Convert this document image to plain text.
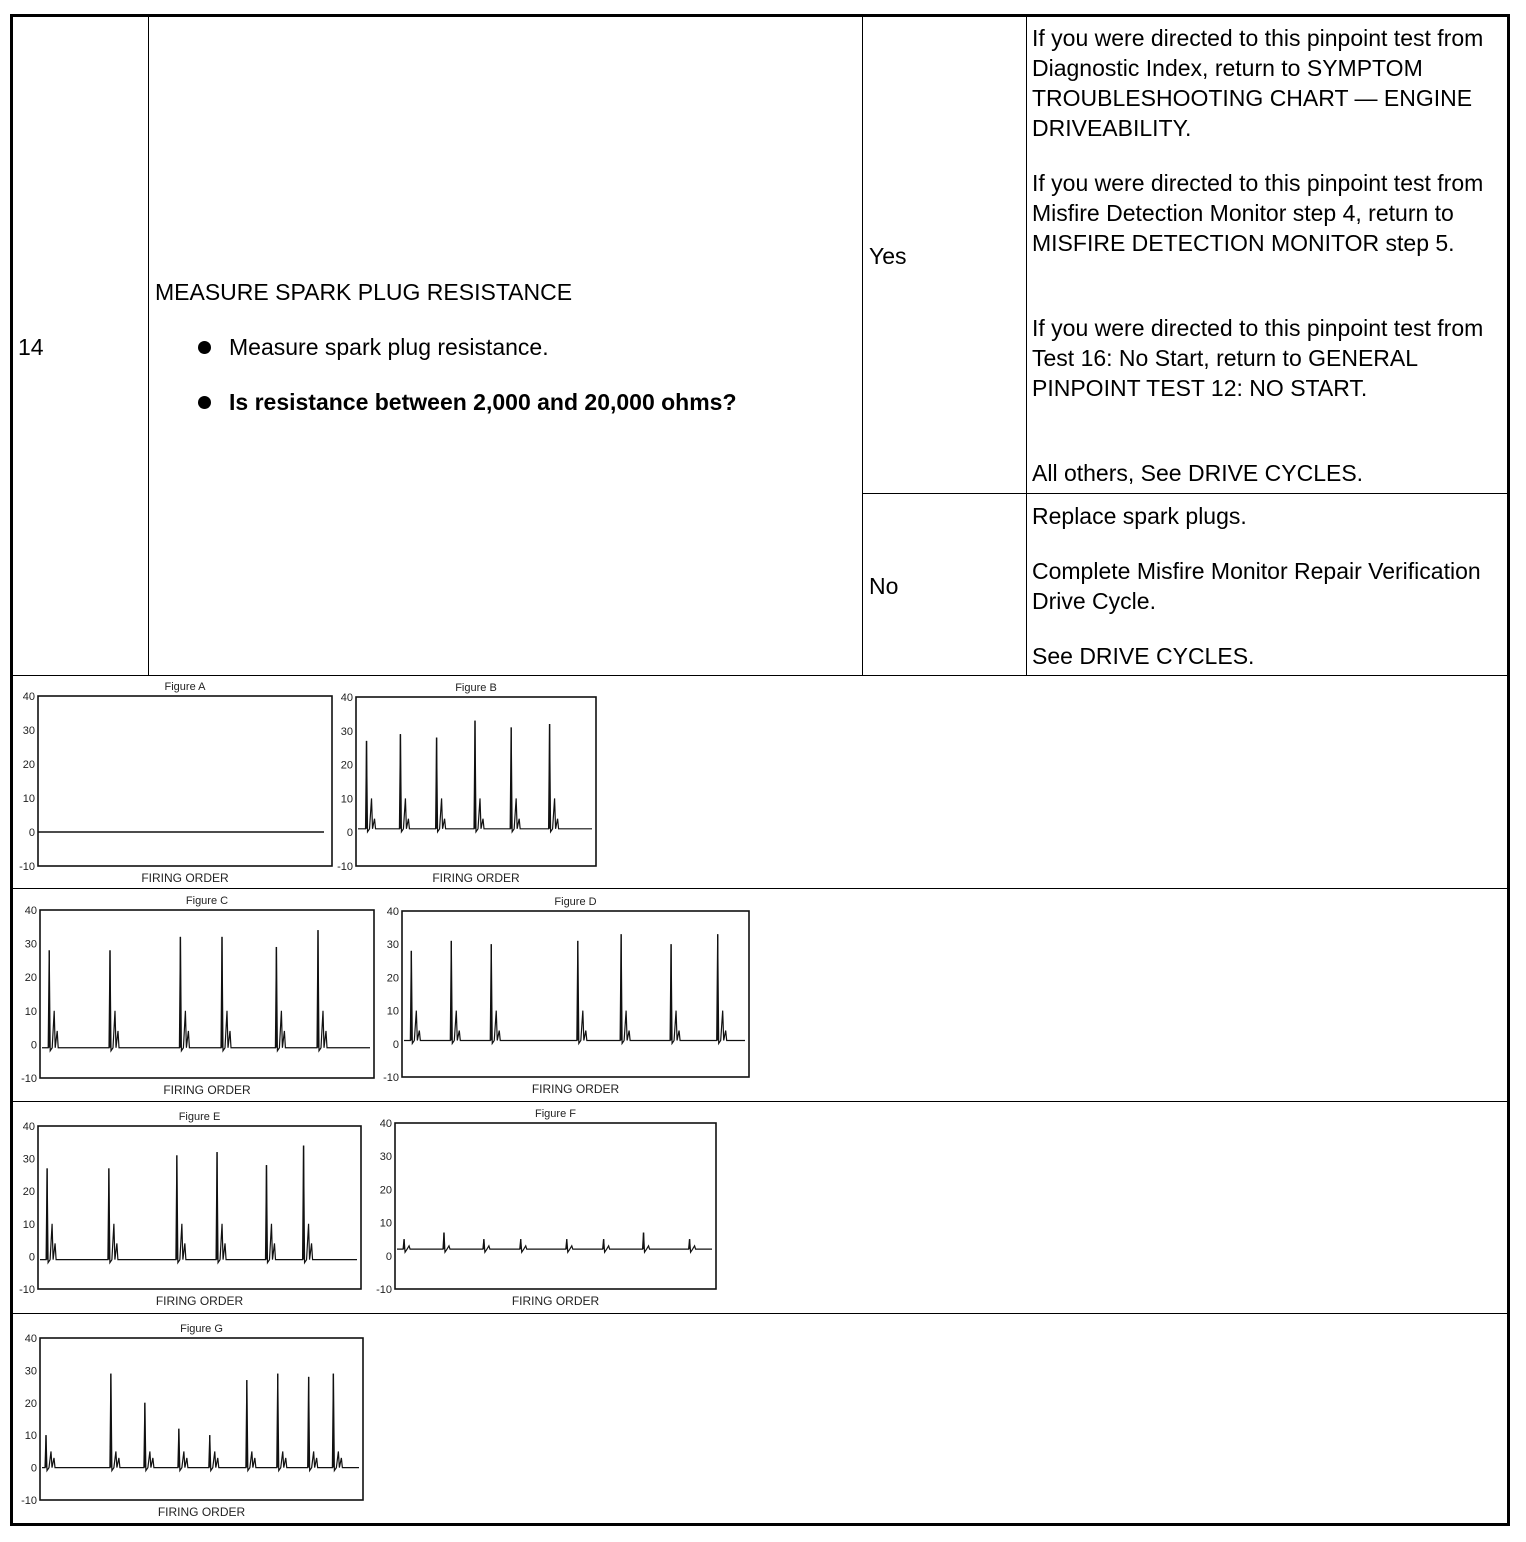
14
MEASURE SPARK PLUG RESISTANCE
Measure spark plug resistance.
Is resistance between 2,000 and 20,000 ohms?
Yes
No
If you were directed to this pinpoint test from Diagnostic Index, return to SYMPTOM TROUBLESHOOTING CHART — ENGINE DRIVEABILITY.
If you were directed to this pinpoint test from Misfire Detection Monitor step 4, return to MISFIRE DETECTION MONITOR step 5.
If you were directed to this pinpoint test from Test 16: No Start, return to GENERAL PINPOINT TEST 12: NO START.
All others, See DRIVE CYCLES.
Replace spark plugs.
Complete Misfire Monitor Repair Verification Drive Cycle.
See DRIVE CYCLES.
Figure A
40
30
20
10
0
-10
FIRING ORDER
Figure B
40
30
20
10
0
-10
FIRING ORDER
Figure C
40
30
20
10
0
-10
FIRING ORDER
Figure D
40
30
20
10
0
-10
FIRING ORDER
Figure E
40
30
20
10
0
-10
FIRING ORDER
Figure F
40
30
20
10
0
-10
FIRING ORDER
Figure G
40
30
20
10
0
-10
FIRING ORDER
